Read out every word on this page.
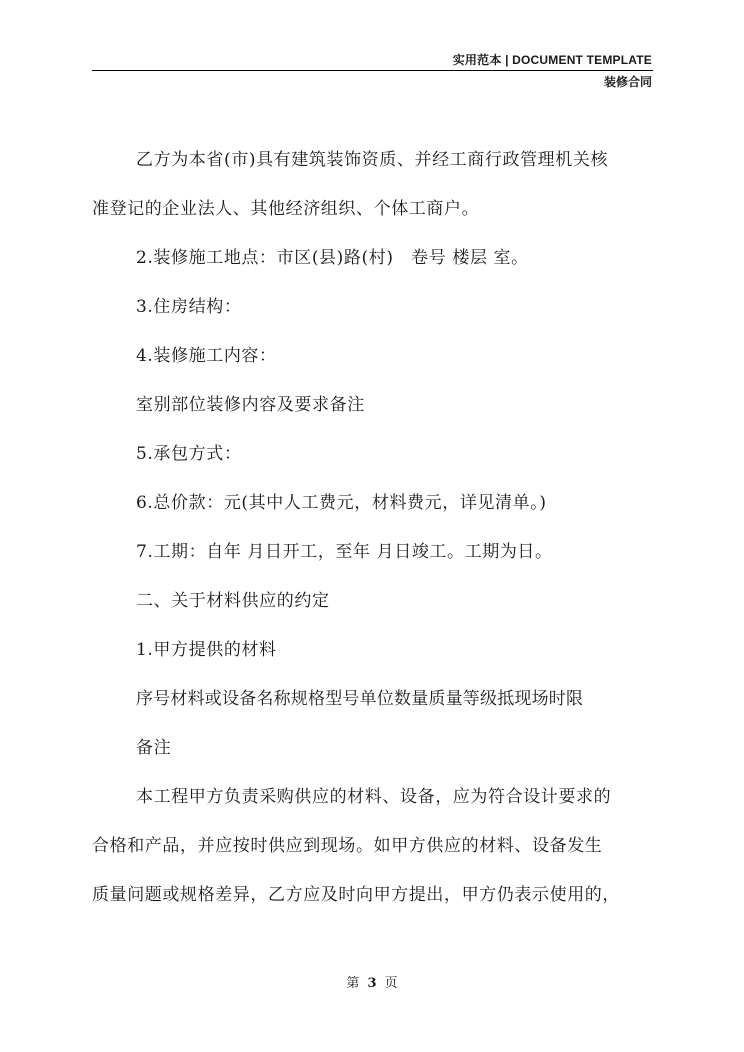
实用范本 | DOCUMENT TEMPLATE
装修合同
乙方为本省(市)具有建筑装饰资质、并经工商行政管理机关核
准登记的企业法人、其他经济组织、个体工商户。
2.装修施工地点：市区(县)路(村)　卷号 楼层 室。
3.住房结构：
4.装修施工内容：
室别部位装修内容及要求备注
5.承包方式：
6.总价款：元(其中人工费元，材料费元，详见清单。)
7.工期：自年 月日开工，至年 月日竣工。工期为日。
二、关于材料供应的约定
1.甲方提供的材料
序号材料或设备名称规格型号单位数量质量等级抵现场时限
备注
本工程甲方负责采购供应的材料、设备，应为符合设计要求的
合格和产品，并应按时供应到现场。如甲方供应的材料、设备发生
质量问题或规格差异，乙方应及时向甲方提出，甲方仍表示使用的，
第 3 页
